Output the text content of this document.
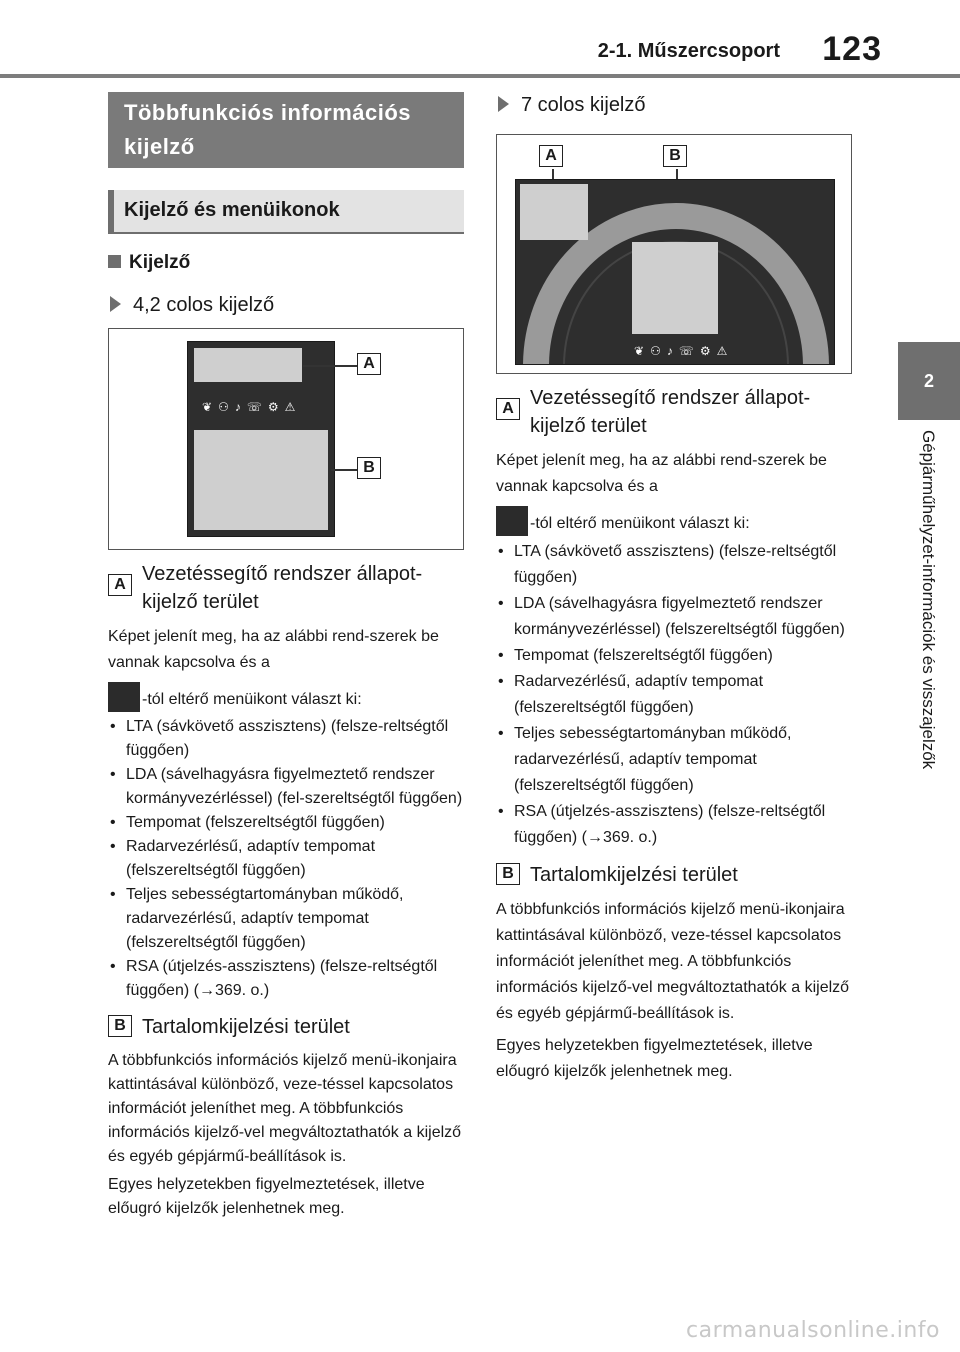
2-1. Műszercsoport 123
2
Gépjárműhelyzet-információk és visszajelzők
Többfunkciós információs kijelző
Kijelző és menüikonok
Kijelző
4,2 colos kijelző
❦ ⚇ ♪ ☏ ⚙ ⚠
A
B
A Vezetéssegítő rendszer állapot-kijelző terület
Képet jelenít meg, ha az alábbi rend-szerek be vannak kapcsolva és a
-tól eltérő menüikont választ ki:
• LTA (sávkövető asszisztens) (felsze-reltségtől függően)
• LDA (sávelhagyásra figyelmeztető rendszer kormányvezérléssel) (fel-szereltségtől függően)
• Tempomat (felszereltségtől függően)
• Radarvezérlésű, adaptív tempomat (felszereltségtől függően)
• Teljes sebességtartományban működő, radarvezérlésű, adaptív tempomat (felszereltségtől függően)
• RSA (útjelzés-asszisztens) (felsze-reltségtől függően) (→369. o.)
B Tartalomkijelzési terület
A többfunkciós információs kijelző menü-ikonjaira kattintásával különböző, veze-téssel kapcsolatos információt jeleníthet meg. A többfunkciós információs kijelző-vel megváltoztathatók a kijelző és egyéb gépjármű-beállítások is.
Egyes helyzetekben figyelmeztetések, illetve előugró kijelzők jelenhetnek meg.
7 colos kijelző
A	B
❦ ⚇ ♪ ☏ ⚙ ⚠
A Vezetéssegítő rendszer állapot-kijelző terület
Képet jelenít meg, ha az alábbi rend-szerek be vannak kapcsolva és a
-tól eltérő menüikont választ ki:
• LTA (sávkövető asszisztens) (felsze-reltségtől függően)
• LDA (sávelhagyásra figyelmeztető rendszer kormányvezérléssel) (felszereltségtől függően)
• Tempomat (felszereltségtől függően)
• Radarvezérlésű, adaptív tempomat (felszereltségtől függően)
• Teljes sebességtartományban működő, radarvezérlésű, adaptív tempomat (felszereltségtől függően)
• RSA (útjelzés-asszisztens) (felsze-reltségtől függően) (→369. o.)
B Tartalomkijelzési terület
A többfunkciós információs kijelző menü-ikonjaira kattintásával különböző, veze-téssel kapcsolatos információt jeleníthet meg. A többfunkciós információs kijelző-vel megváltoztathatók a kijelző és egyéb gépjármű-beállítások is.
Egyes helyzetekben figyelmeztetések, illetve előugró kijelzők jelenhetnek meg.
carmanualsonline.info
